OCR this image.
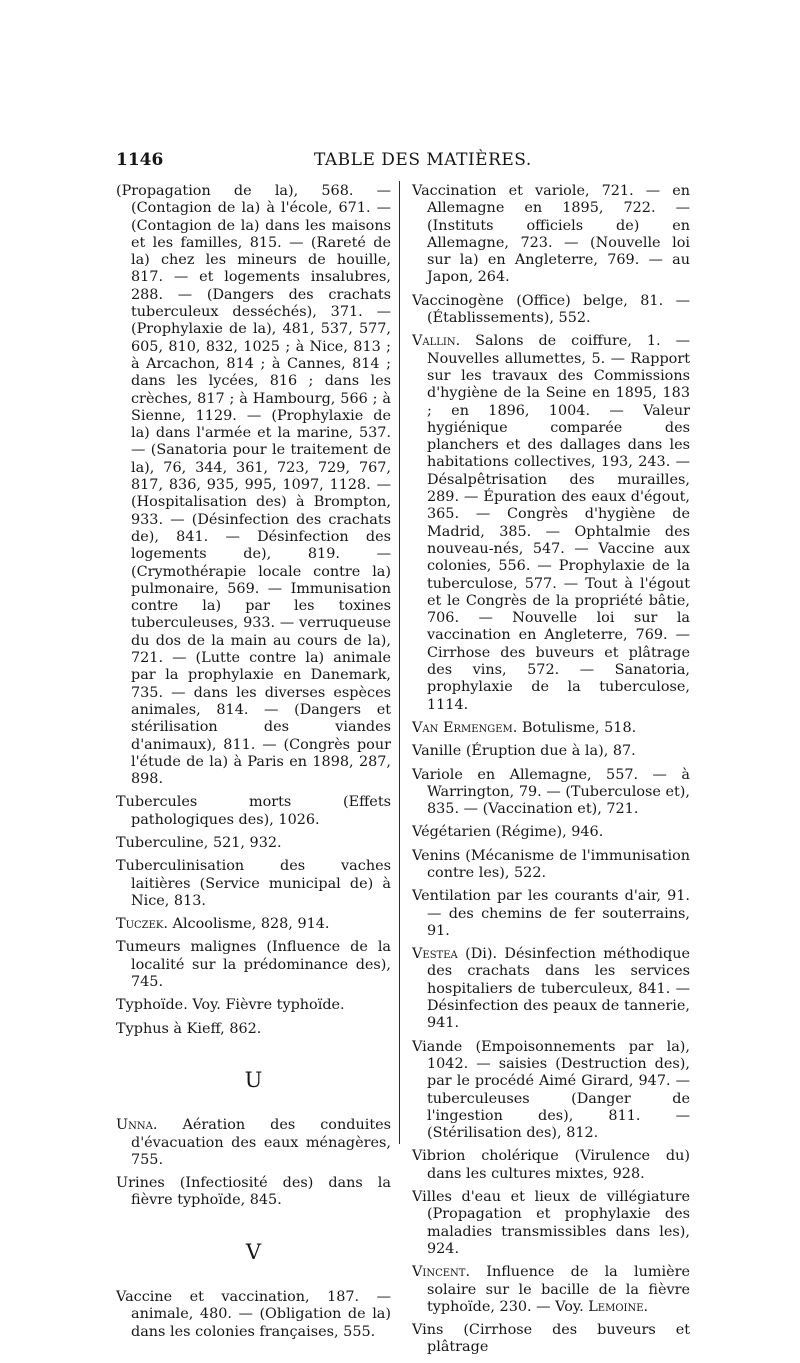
1146	TABLE DES MATIÈRES.
(Propagation de la), 568. — (Contagion de la) à l'école, 671. — (Contagion de la) dans les maisons et les familles, 815. — (Rareté de la) chez les mineurs de houille, 817. — et logements insalubres, 288. — (Dangers des crachats tuberculeux desséchés), 371. — (Prophylaxie de la), 481, 537, 577, 605, 810, 832, 1025 ; à Nice, 813 ; à Arcachon, 814 ; à Cannes, 814 ; dans les lycées, 816 ; dans les crèches, 817 ; à Hambourg, 566 ; à Sienne, 1129. — (Prophylaxie de la) dans l'armée et la marine, 537. — (Sanatoria pour le traitement de la), 76, 344, 361, 723, 729, 767, 817, 836, 935, 995, 1097, 1128. — (Hospitalisation des) à Brompton, 933. — (Désinfection des crachats de), 841. — Désinfection des logements de), 819. — (Crymothérapie locale contre la) pulmonaire, 569. — Immunisation contre la) par les toxines tuberculeuses, 933. — verruqueuse du dos de la main au cours de la), 721. — (Lutte contre la) animale par la prophylaxie en Danemark, 735. — dans les diverses espèces animales, 814. — (Dangers et stérilisation des viandes d'animaux), 811. — (Congrès pour l'étude de la) à Paris en 1898, 287, 898.
Tubercules morts (Effets pathologiques des), 1026.
Tuberculine, 521, 932.
Tuberculinisation des vaches laitières (Service municipal de) à Nice, 813.
Tuczek. Alcoolisme, 828, 914.
Tumeurs malignes (Influence de la localité sur la prédominance des), 745.
Typhoïde. Voy. Fièvre typhoïde.
Typhus à Kieff, 862.
U
Unna. Aération des conduites d'évacuation des eaux ménagères, 755.
Urines (Infectiosité des) dans la fièvre typhoïde, 845.
V
Vaccine et vaccination, 187. — animale, 480. — (Obligation de la) dans les colonies françaises, 555.
Vaccination et variole, 721. — en Allemagne en 1895, 722. — (Instituts officiels de) en Allemagne, 723. — (Nouvelle loi sur la) en Angleterre, 769. — au Japon, 264.
Vaccinogène (Office) belge, 81. — (Établissements), 552.
Vallin. Salons de coiffure, 1. — Nouvelles allumettes, 5. — Rapport sur les travaux des Commissions d'hygiène de la Seine en 1895, 183 ; en 1896, 1004. — Valeur hygiénique comparée des planchers et des dallages dans les habitations collectives, 193, 243. — Désalpêtrisation des murailles, 289. — Épuration des eaux d'égout, 365. — Congrès d'hygiène de Madrid, 385. — Ophtalmie des nouveau-nés, 547. — Vaccine aux colonies, 556. — Prophylaxie de la tuberculose, 577. — Tout à l'égout et le Congrès de la propriété bâtie, 706. — Nouvelle loi sur la vaccination en Angleterre, 769. — Cirrhose des buveurs et plâtrage des vins, 572. — Sanatoria, prophylaxie de la tuberculose, 1114.
Van Ermengem. Botulisme, 518.
Vanille (Éruption due à la), 87.
Variole en Allemagne, 557. — à Warrington, 79. — (Tuberculose et), 835. — (Vaccination et), 721.
Végétarien (Régime), 946.
Venins (Mécanisme de l'immunisation contre les), 522.
Ventilation par les courants d'air, 91. — des chemins de fer souterrains, 91.
Vestea (Di). Désinfection méthodique des crachats dans les services hospitaliers de tuberculeux, 841. — Désinfection des peaux de tannerie, 941.
Viande (Empoisonnements par la), 1042. — saisies (Destruction des), par le procédé Aimé Girard, 947. — tuberculeuses (Danger de l'ingestion des), 811. — (Stérilisation des), 812.
Vibrion cholérique (Virulence du) dans les cultures mixtes, 928.
Villes d'eau et lieux de villégiature (Propagation et prophylaxie des maladies transmissibles dans les), 924.
Vincent. Influence de la lumière solaire sur le bacille de la fièvre typhoïde, 230. — Voy. Lemoine.
Vins (Cirrhose des buveurs et plâtrage
